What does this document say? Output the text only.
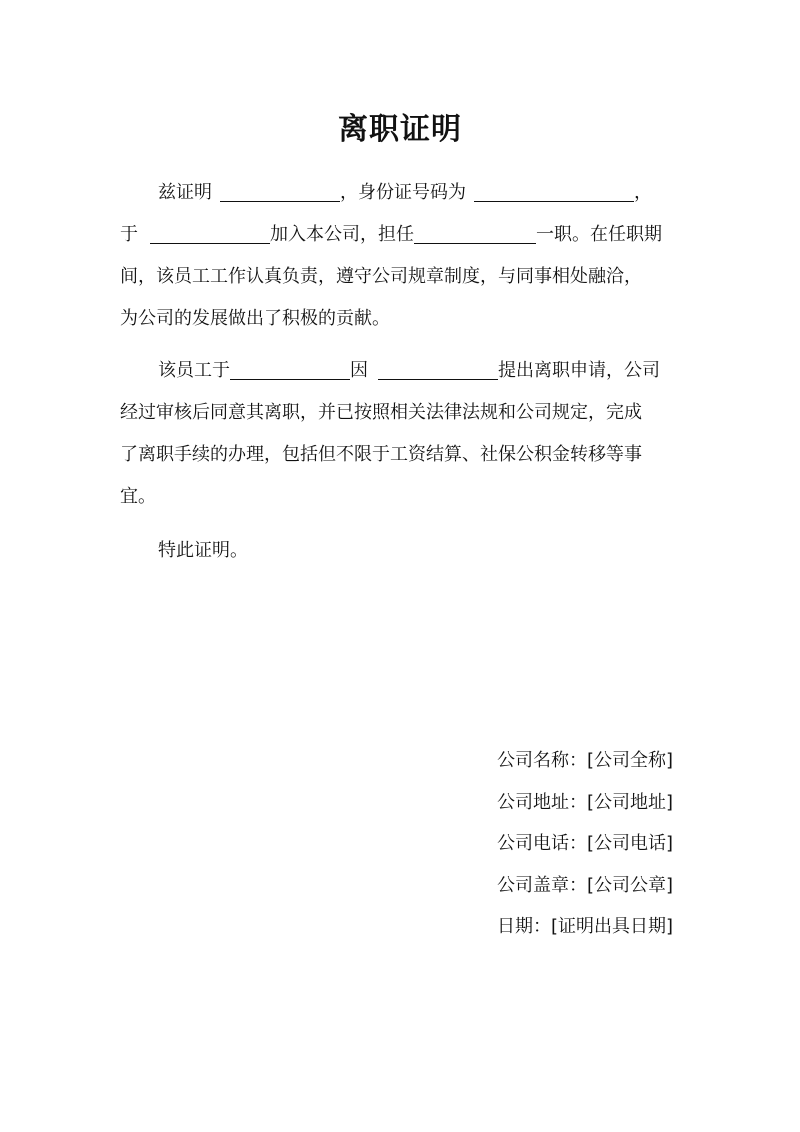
离职证明
兹证明	，身份证号码为	，
于	加入本公司，担任	一职。在任职期
间，该员工工作认真负责，遵守公司规章制度，与同事相处融洽，
为公司的发展做出了积极的贡献。
该员工于	因	提出离职申请，公司
经过审核后同意其离职，并已按照相关法律法规和公司规定，完成
了离职手续的办理，包括但不限于工资结算、社保公积金转移等事
宜。
特此证明。
公司名称：[公司全称]
公司地址：[公司地址]
公司电话：[公司电话]
公司盖章：[公司公章]
日期：[证明出具日期]
